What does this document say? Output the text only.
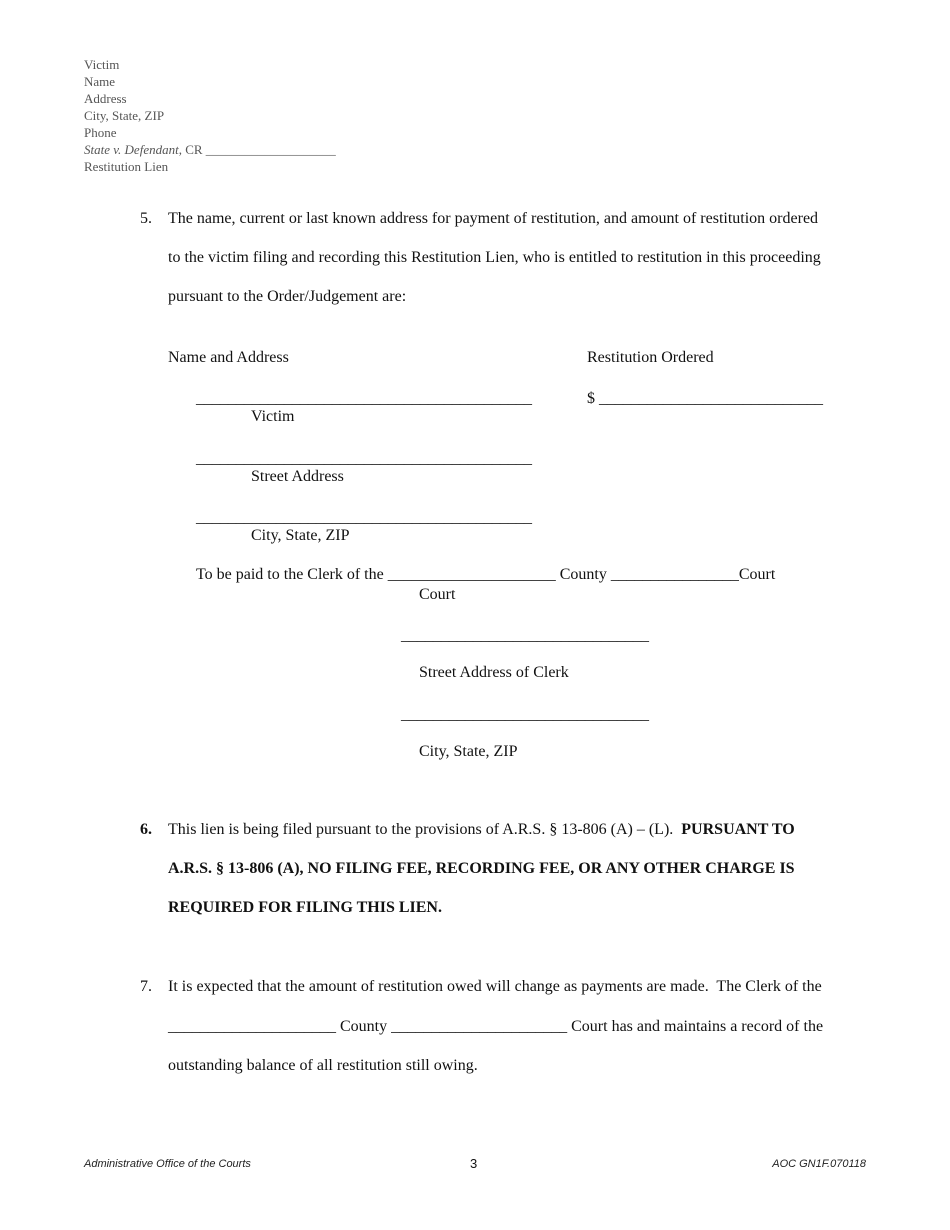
Victim
Name
Address
City, State, ZIP
Phone
State v. Defendant, CR ____________________
Restitution Lien
5. The name, current or last known address for payment of restitution, and amount of restitution ordered
to the victim filing and recording this Restitution Lien, who is entitled to restitution in this proceeding
pursuant to the Order/Judgement are:
Name and Address	Restitution Ordered
__________________________________________	$ ____________________________
Victim
__________________________________________
Street Address
__________________________________________
City, State, ZIP
To be paid to the Clerk of the _____________________ County ________________Court
Court
_______________________________
Street Address of Clerk
_______________________________
City, State, ZIP
6. This lien is being filed pursuant to the provisions of A.R.S. § 13-806 (A) – (L).  PURSUANT TO
A.R.S. § 13-806 (A), NO FILING FEE, RECORDING FEE, OR ANY OTHER CHARGE IS
REQUIRED FOR FILING THIS LIEN.
7. It is expected that the amount of restitution owed will change as payments are made.  The Clerk of the
_____________________ County ______________________ Court has and maintains a record of the
outstanding balance of all restitution still owing.
Administrative Office of the Courts	3	AOC GN1F.070118
